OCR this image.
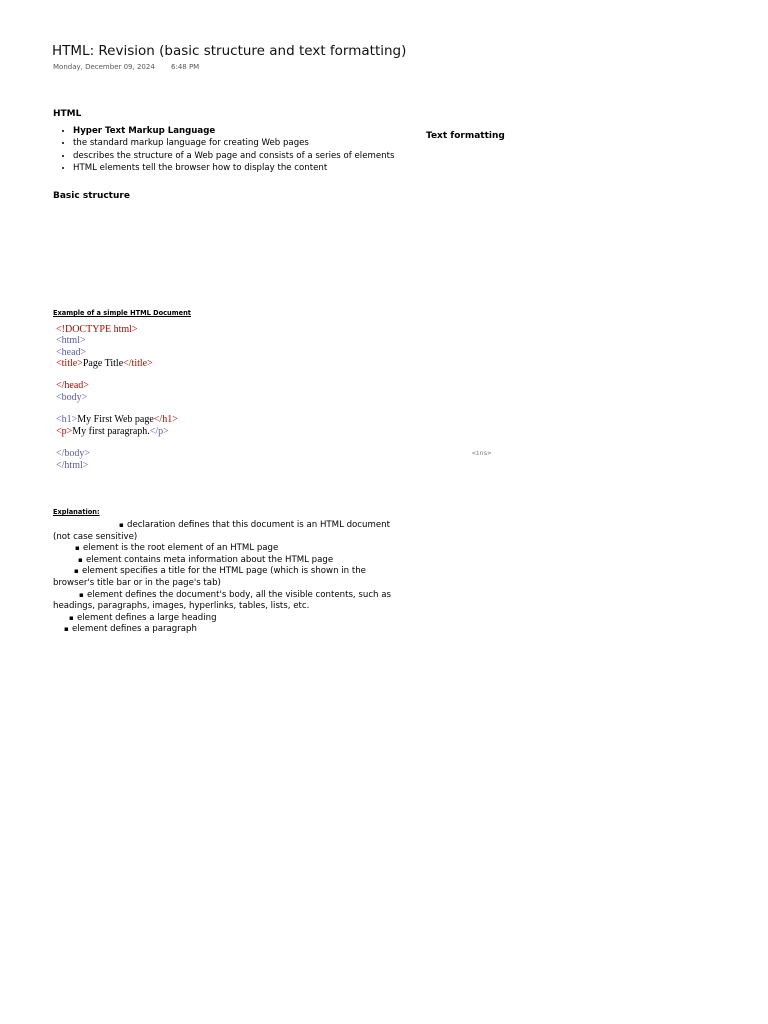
HTML: Revision (basic structure and text formatting)
Monday, December 09, 2024 6:48 PM
HTML
• Hyper Text Markup Language
• the standard markup language for creating Web pages
• describes the structure of a Web page and consists of a series of elements
• HTML elements tell the browser how to display the content
Text formatting
Basic structure
Example of a simple HTML Document
<!DOCTYPE html>
<html>
<head>
<title>Page Title</title>
</head>
<body>
<h1>My First Web page</h1>
<p>My first paragraph.</p>
</body>
</html>
<ins>
Explanation:
▪ declaration defines that this document is an HTML document (not case sensitive)
▪ element is the root element of an HTML page
▪ element contains meta information about the HTML page
▪ element specifies a title for the HTML page (which is shown in the browser's title bar or in the page's tab)
▪ element defines the document's body, all the visible contents, such as headings, paragraphs, images, hyperlinks, tables, lists, etc.
▪ element defines a large heading
▪ element defines a paragraph
